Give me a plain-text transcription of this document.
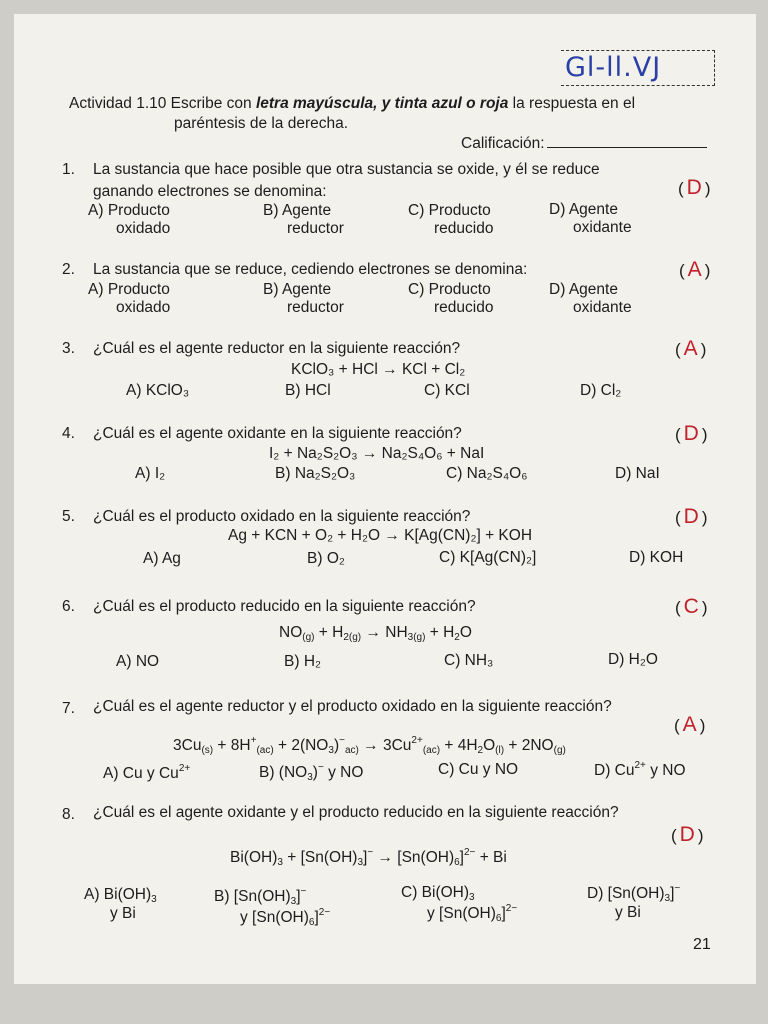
Gl-ll.VJ
Actividad 1.10 Escribe con letra mayúscula, y tinta azul o roja la respuesta en el
paréntesis de la derecha.
Calificación:
1. La sustancia que hace posible que otra sustancia se oxide, y él se reduce
ganando electrones se denomina:	( D )
A) Producto
oxidado
B) Agente
reductor
C) Producto
reducido
D) Agente
oxidante
2. La sustancia que se reduce, cediendo electrones se denomina:	( A )
A) Producto
oxidado
B) Agente
reductor
C) Producto
reducido
D) Agente
oxidante
3. ¿Cuál es el agente reductor en la siguiente reacción?	( A )
KClO₃ + HCl → KCl + Cl₂
A) KClO₃	B) HCl	C) KCl	D) Cl₂
4. ¿Cuál es el agente oxidante en la siguiente reacción?	( D )
I₂ + Na₂S₂O₃ → Na₂S₄O₆ + NaI
A) I₂	B) Na₂S₂O₃	C) Na₂S₄O₆	D) NaI
5. ¿Cuál es el producto oxidado en la siguiente reacción?	( D )
Ag + KCN + O₂ + H₂O → K[Ag(CN)₂] + KOH
A) Ag	B) O₂	C) K[Ag(CN)₂]	D) KOH
6. ¿Cuál es el producto reducido en la siguiente reacción?	( C )
$NO_{(g)} + H_{2(g)} \to NH_{3(g)} + H_2O$
A) NO	B) H₂	C) NH₃	D) H₂O
7. ¿Cuál es el agente reductor y el producto oxidado en la siguiente reacción?
( A )
$3Cu_{(s)} + 8H^+_{(ac)} + 2(NO_3)^-_{ac)} \to 3Cu^{2+}_{(ac)} + 4H_2O_{(l)} + 2NO_{(g)}$
A) Cu y $Cu^{2+}$	B) $(NO_3)^-$ y NO	C) Cu y NO	D) $Cu^{2+}$ y NO
8. ¿Cuál es el agente oxidante y el producto reducido en la siguiente reacción?
( D )
$Bi(OH)_3 + [Sn(OH)_3]^- \to [Sn(OH)_6]^{2-} + Bi$
A) $Bi(OH)_3$
y Bi
B) $[Sn(OH)_3]^-$
y $[Sn(OH)_6]^{2-}$
C) $Bi(OH)_3$
y $[Sn(OH)_6]^{2-}$
D) $[Sn(OH)_3]^-$
y Bi
21
